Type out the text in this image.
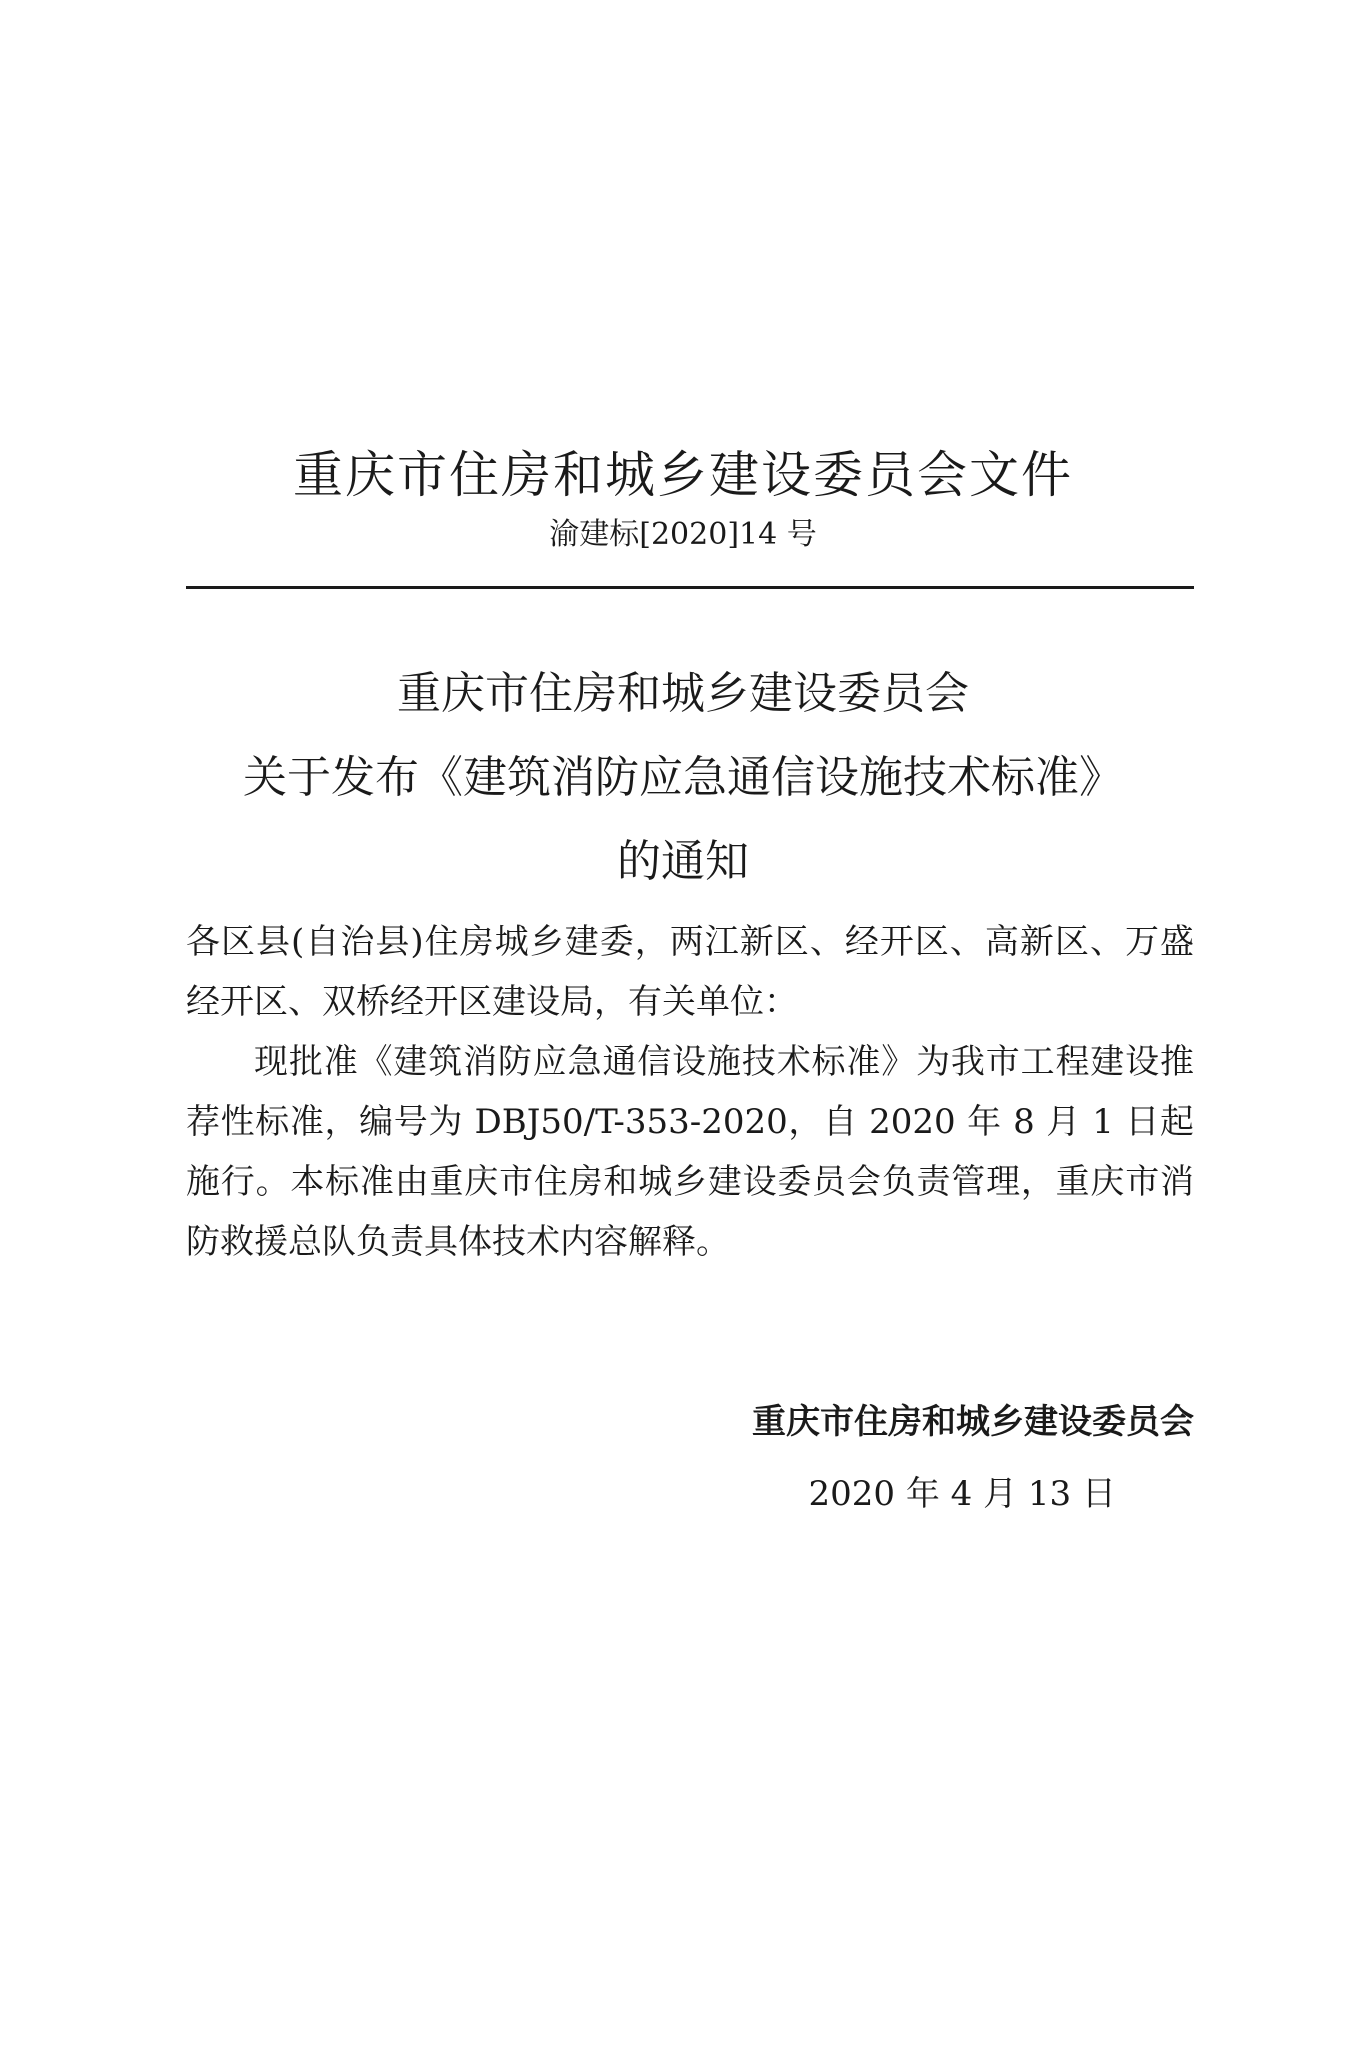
重庆市住房和城乡建设委员会文件
渝建标[2020]14 号
重庆市住房和城乡建设委员会
关于发布《建筑消防应急通信设施技术标准》
的通知

各区县(自治县)住房城乡建委，两江新区、经开区、高新区、万盛经开区、双桥经开区建设局，有关单位：

现批准《建筑消防应急通信设施技术标准》为我市工程建设推荐性标准，编号为 DBJ50/T-353-2020，自 2020 年 8 月 1 日起施行。本标准由重庆市住房和城乡建设委员会负责管理，重庆市消防救援总队负责具体技术内容解释。

重庆市住房和城乡建设委员会
2020 年 4 月 13 日
